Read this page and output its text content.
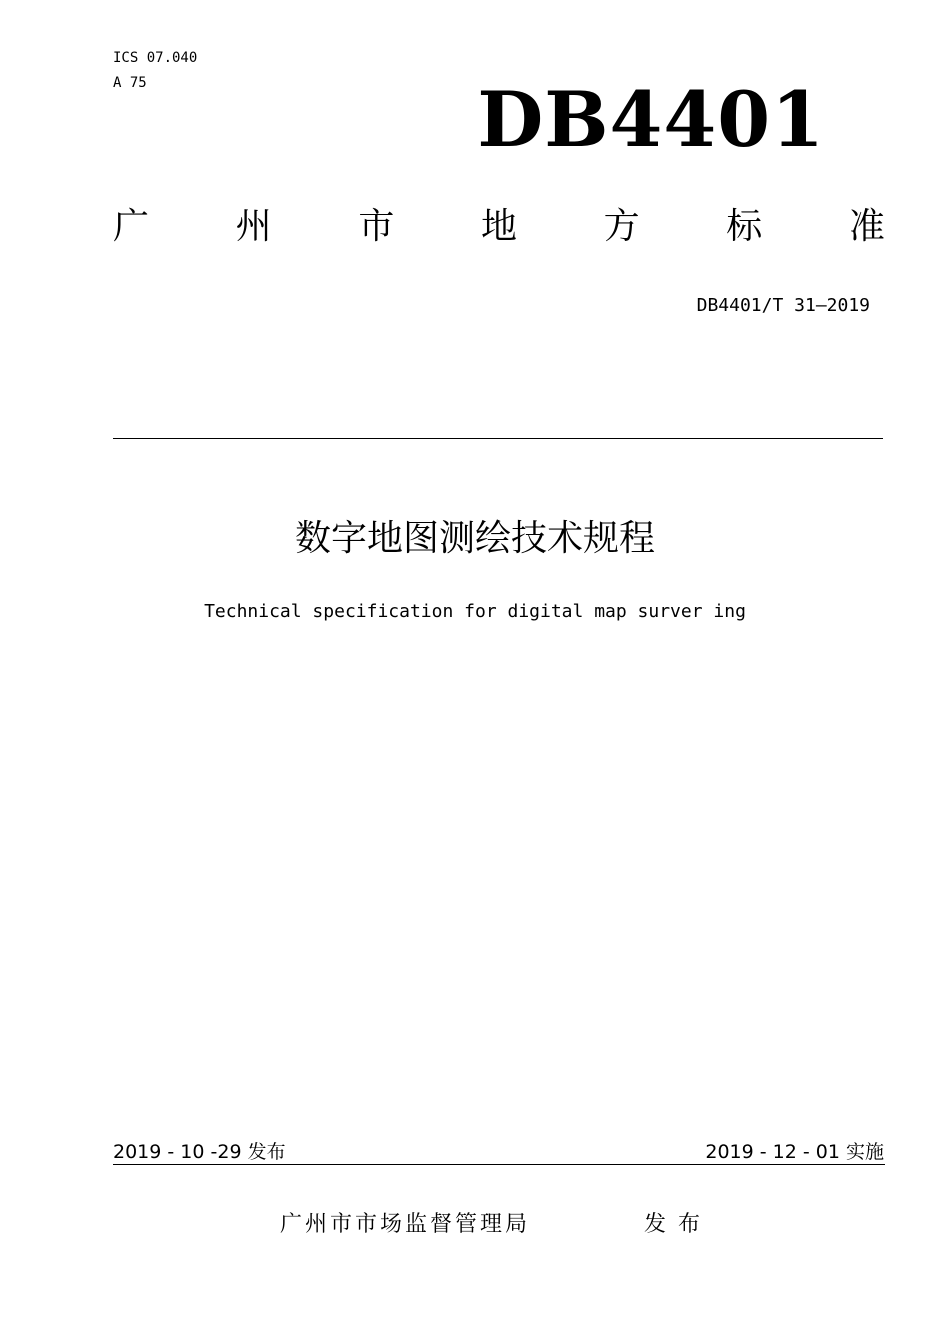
ICS 07.040
A 75	DB4401
广 州 市 地 方 标 准
DB4401/T 31—2019
数字地图测绘技术规程
Technical specification for digital map surver ing
2019 - 10 -29 发布	2019 - 12 - 01 实施
广州市市场监督管理局	发布
